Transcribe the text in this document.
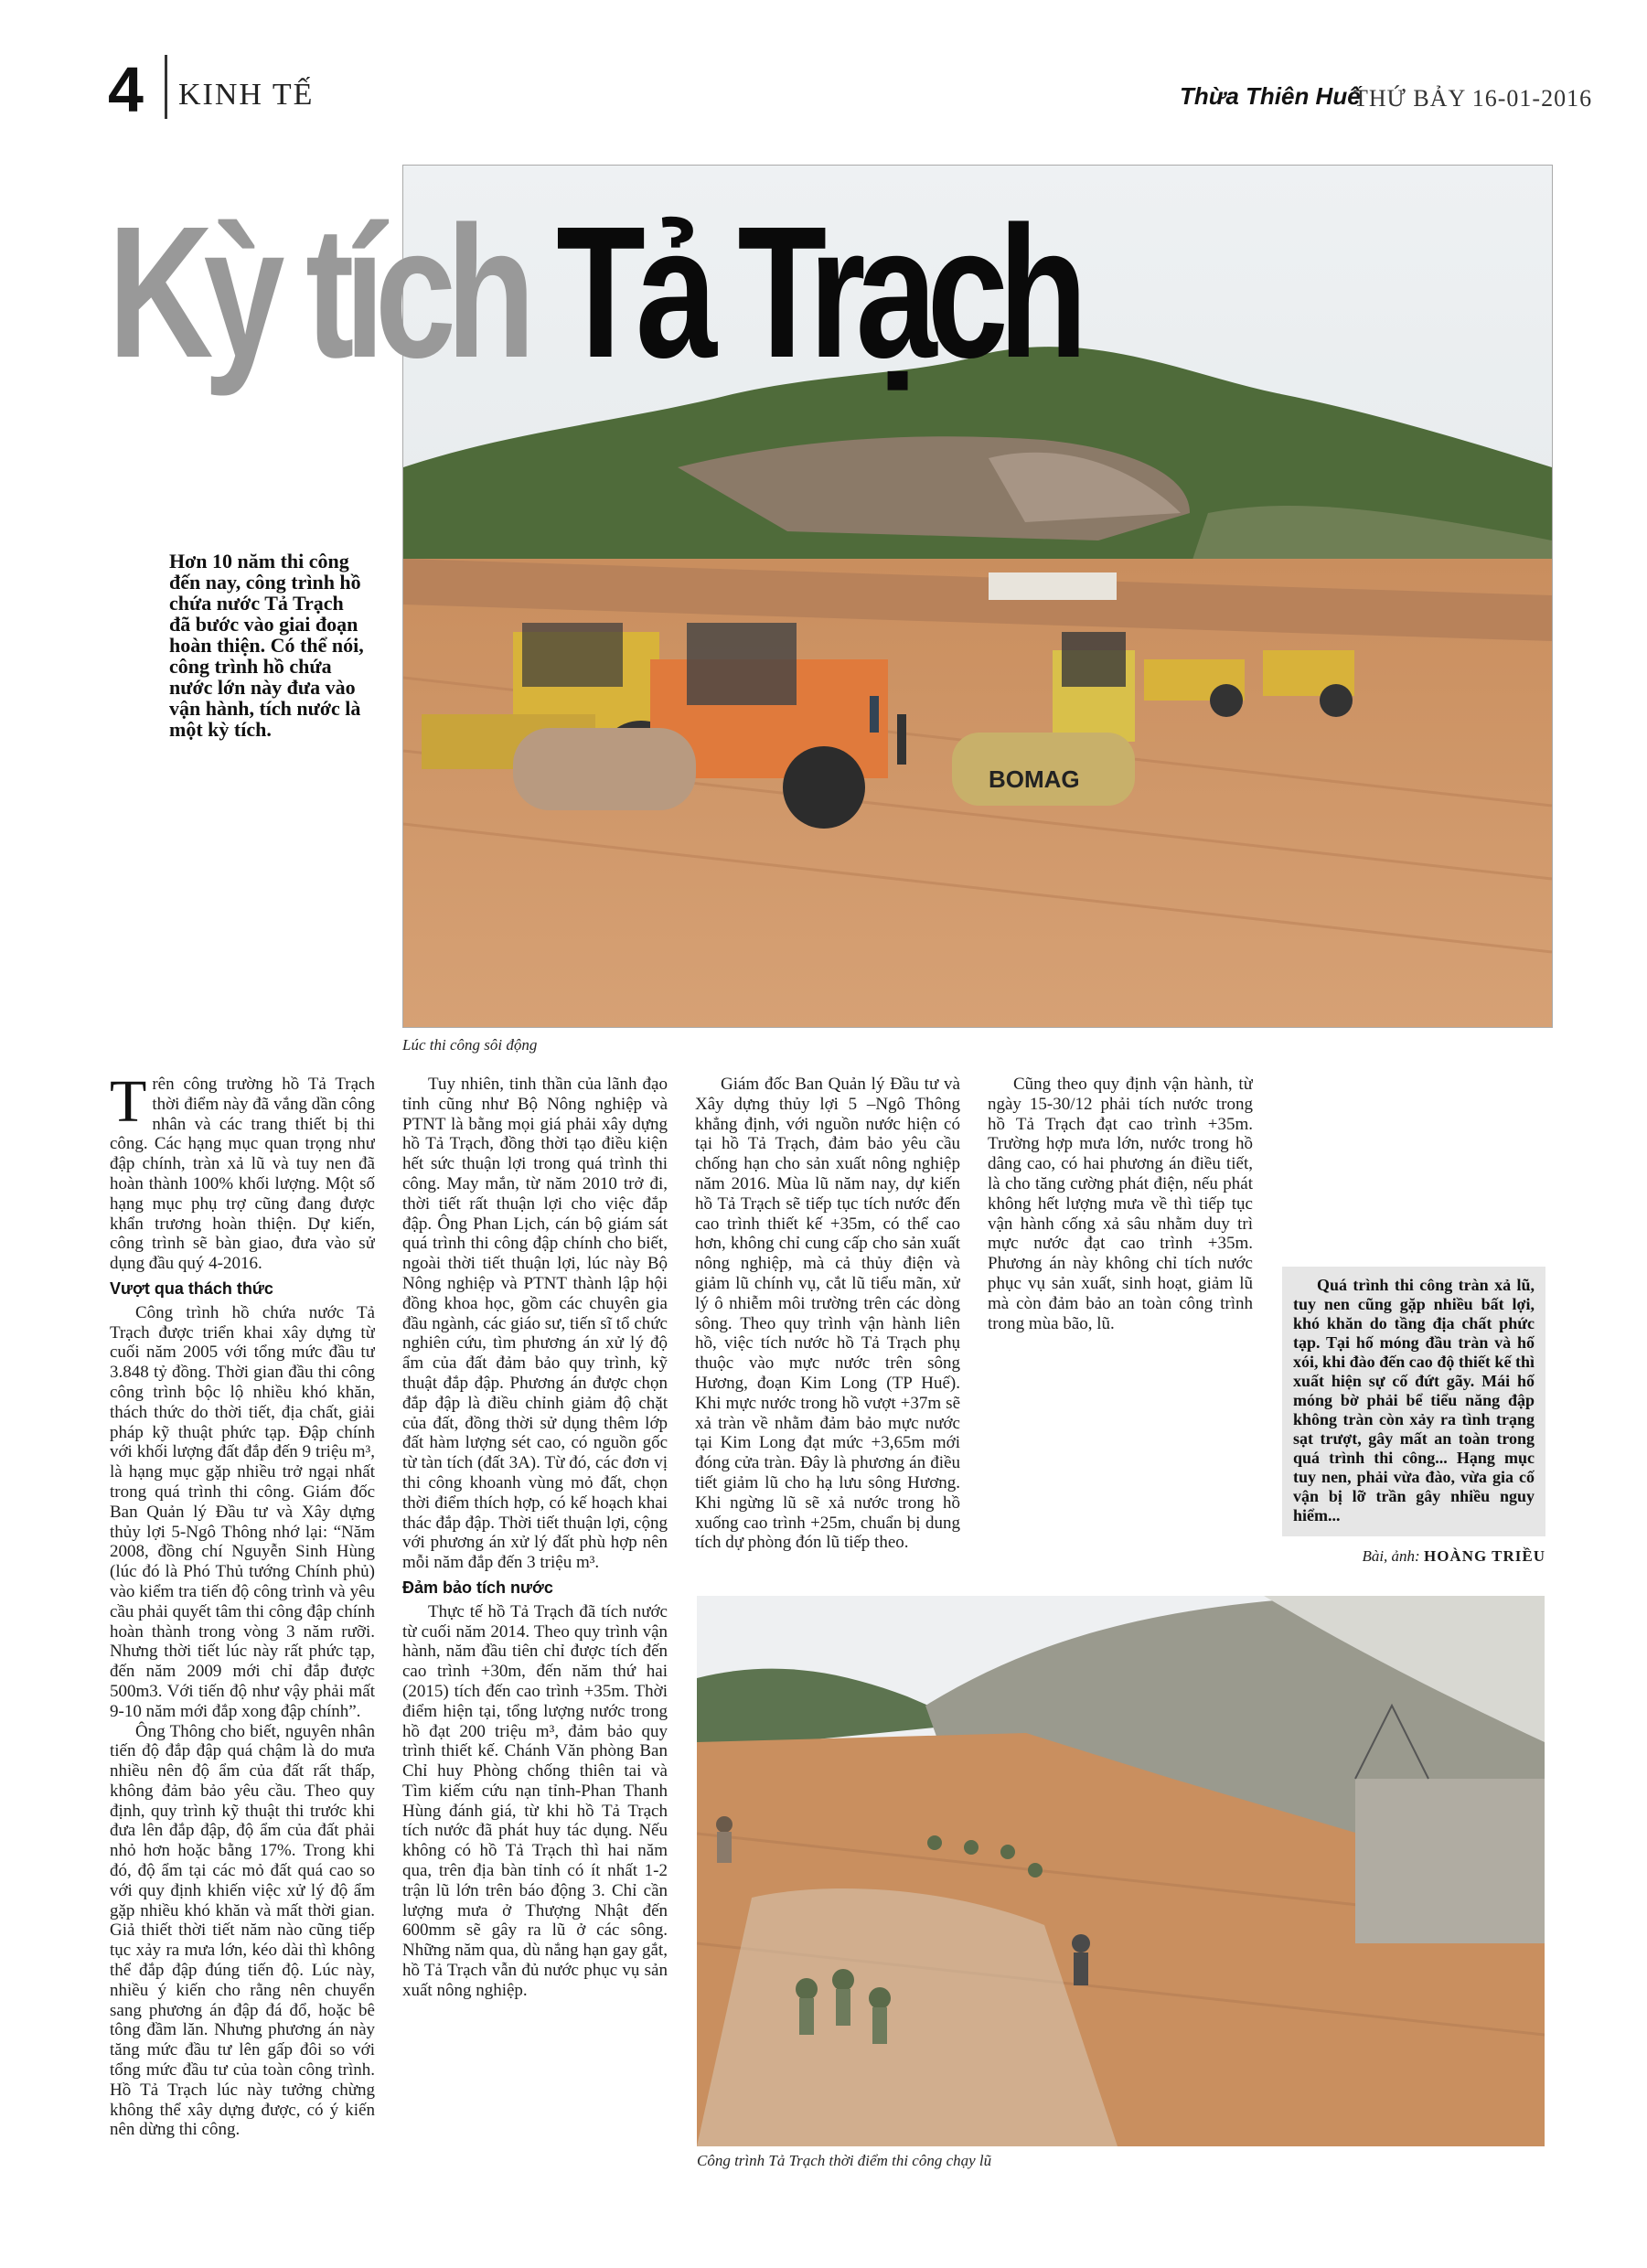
4 KINH TẾ	Thừa Thiên Huế
THỨ BẢY 16-01-2016
BOMAG
Kỳ tích Tả Trạch
Hơn 10 năm thi công đến nay, công trình hồ chứa nước Tả Trạch đã bước vào giai đoạn hoàn thiện. Có thể nói, công trình hồ chứa nước lớn này đưa vào vận hành, tích nước là một kỳ tích.
Lúc thi công sôi động

Trên công trường hồ Tả Trạch thời điểm này đã vắng dần công nhân và các trang thiết bị thi công. Các hạng mục quan trọng như đập chính, tràn xả lũ và tuy nen đã hoàn thành 100% khối lượng. Một số hạng mục phụ trợ cũng đang được khẩn trương hoàn thiện. Dự kiến, công trình sẽ bàn giao, đưa vào sử dụng đầu quý 4-2016.

Vượt qua thách thức

Công trình hồ chứa nước Tả Trạch được triển khai xây dựng từ cuối năm 2005 với tổng mức đầu tư 3.848 tỷ đồng. Thời gian đầu thi công công trình bộc lộ nhiều khó khăn, thách thức do thời tiết, địa chất, giải pháp kỹ thuật phức tạp. Đập chính với khối lượng đất đắp đến 9 triệu m³, là hạng mục gặp nhiều trở ngại nhất trong quá trình thi công. Giám đốc Ban Quản lý Đầu tư và Xây dựng thủy lợi 5-Ngô Thông nhớ lại: “Năm 2008, đồng chí Nguyễn Sinh Hùng (lúc đó là Phó Thủ tướng Chính phủ) vào kiểm tra tiến độ công trình và yêu cầu phải quyết tâm thi công đập chính hoàn thành trong vòng 3 năm rưỡi. Nhưng thời tiết lúc này rất phức tạp, đến năm 2009 mới chỉ đắp được 500m3. Với tiến độ như vậy phải mất 9-10 năm mới đắp xong đập chính”.

Ông Thông cho biết, nguyên nhân tiến độ đắp đập quá chậm là do mưa nhiều nên độ ẩm của đất rất thấp, không đảm bảo yêu cầu. Theo quy định, quy trình kỹ thuật thi trước khi đưa lên đắp đập, độ ẩm của đất phải nhỏ hơn hoặc bằng 17%. Trong khi đó, độ ẩm tại các mỏ đất quá cao so với quy định khiến việc xử lý độ ẩm gặp nhiều khó khăn và mất thời gian. Giả thiết thời tiết năm nào cũng tiếp tục xảy ra mưa lớn, kéo dài thì không thể đắp đập đúng tiến độ. Lúc này, nhiều ý kiến cho rằng nên chuyển sang phương án đập đá đổ, hoặc bê tông đầm lăn. Nhưng phương án này tăng mức đầu tư lên gấp đôi so với tổng mức đầu tư của toàn công trình. Hồ Tả Trạch lúc này tưởng chừng không thể xây dựng được, có ý kiến nên dừng thi công.

Tuy nhiên, tinh thần của lãnh đạo tỉnh cũng như Bộ Nông nghiệp và PTNT là bằng mọi giá phải xây dựng hồ Tả Trạch, đồng thời tạo điều kiện hết sức thuận lợi trong quá trình thi công. May mắn, từ năm 2010 trở đi, thời tiết rất thuận lợi cho việc đắp đập. Ông Phan Lịch, cán bộ giám sát quá trình thi công đập chính cho biết, ngoài thời tiết thuận lợi, lúc này Bộ Nông nghiệp và PTNT thành lập hội đồng khoa học, gồm các chuyên gia đầu ngành, các giáo sư, tiến sĩ tổ chức nghiên cứu, tìm phương án xử lý độ ẩm của đất đảm bảo quy trình, kỹ thuật đắp đập. Phương án được chọn đắp đập là điều chỉnh giảm độ chặt của đất, đồng thời sử dụng thêm lớp đất hàm lượng sét cao, có nguồn gốc từ tàn tích (đất 3A). Từ đó, các đơn vị thi công khoanh vùng mỏ đất, chọn thời điểm thích hợp, có kế hoạch khai thác đắp đập. Thời tiết thuận lợi, cộng với phương án xử lý đất phù hợp nên mỗi năm đắp đến 3 triệu m³.

Đảm bảo tích nước

Thực tế hồ Tả Trạch đã tích nước từ cuối năm 2014. Theo quy trình vận hành, năm đầu tiên chỉ được tích đến cao trình +30m, đến năm thứ hai (2015) tích đến cao trình +35m. Thời điểm hiện tại, tổng lượng nước trong hồ đạt 200 triệu m³, đảm bảo quy trình thiết kế. Chánh Văn phòng Ban Chỉ huy Phòng chống thiên tai và Tìm kiếm cứu nạn tỉnh-Phan Thanh Hùng đánh giá, từ khi hồ Tả Trạch tích nước đã phát huy tác dụng. Nếu không có hồ Tả Trạch thì hai năm qua, trên địa bàn tỉnh có ít nhất 1-2 trận lũ lớn trên báo động 3. Chỉ cần lượng mưa ở Thượng Nhật đến 600mm sẽ gây ra lũ ở các sông. Những năm qua, dù nắng hạn gay gắt, hồ Tả Trạch vẫn đủ nước phục vụ sản xuất nông nghiệp.

Giám đốc Ban Quản lý Đầu tư và Xây dựng thủy lợi 5 –Ngô Thông khẳng định, với nguồn nước hiện có tại hồ Tả Trạch, đảm bảo yêu cầu chống hạn cho sản xuất nông nghiệp năm 2016. Mùa lũ năm nay, dự kiến hồ Tả Trạch sẽ tiếp tục tích nước đến cao trình thiết kế +35m, có thể cao hơn, không chỉ cung cấp cho sản xuất nông nghiệp, mà cả thủy điện và giảm lũ chính vụ, cắt lũ tiểu mãn, xử lý ô nhiễm môi trường trên các dòng sông. Theo quy trình vận hành liên hồ, việc tích nước hồ Tả Trạch phụ thuộc vào mực nước trên sông Hương, đoạn Kim Long (TP Huế). Khi mực nước trong hồ vượt +37m sẽ xả tràn về nhằm đảm bảo mực nước tại Kim Long đạt mức +3,65m mới đóng cửa tràn. Đây là phương án điều tiết giảm lũ cho hạ lưu sông Hương. Khi ngừng lũ sẽ xả nước trong hồ xuống cao trình +25m, chuẩn bị dung tích dự phòng đón lũ tiếp theo.

Cũng theo quy định vận hành, từ ngày 15-30/12 phải tích nước trong hồ Tả Trạch đạt cao trình +35m. Trường hợp mưa lớn, nước trong hồ dâng cao, có hai phương án điều tiết, là cho tăng cường phát điện, nếu phát không hết lượng mưa về thì tiếp tục vận hành cống xả sâu nhằm duy trì mực nước đạt cao trình +35m. Phương án này không chỉ tích nước phục vụ sản xuất, sinh hoạt, giảm lũ mà còn đảm bảo an toàn công trình trong mùa bão, lũ.

Quá trình thi công tràn xả lũ, tuy nen cũng gặp nhiều bất lợi, khó khăn do tầng địa chất phức tạp. Tại hố móng đầu tràn và hố xói, khi đào đến cao độ thiết kế thì xuất hiện sự cố đứt gãy. Mái hố móng bờ phải bể tiểu năng đập không tràn còn xảy ra tình trạng sạt trượt, gây mất an toàn trong quá trình thi công... Hạng mục tuy nen, phải vừa đào, vừa gia cố vận bị lỡ trần gây nhiều nguy hiểm...
Bài, ảnh: HOÀNG TRIỀU
Công trình Tả Trạch thời điểm thi công chạy lũ
